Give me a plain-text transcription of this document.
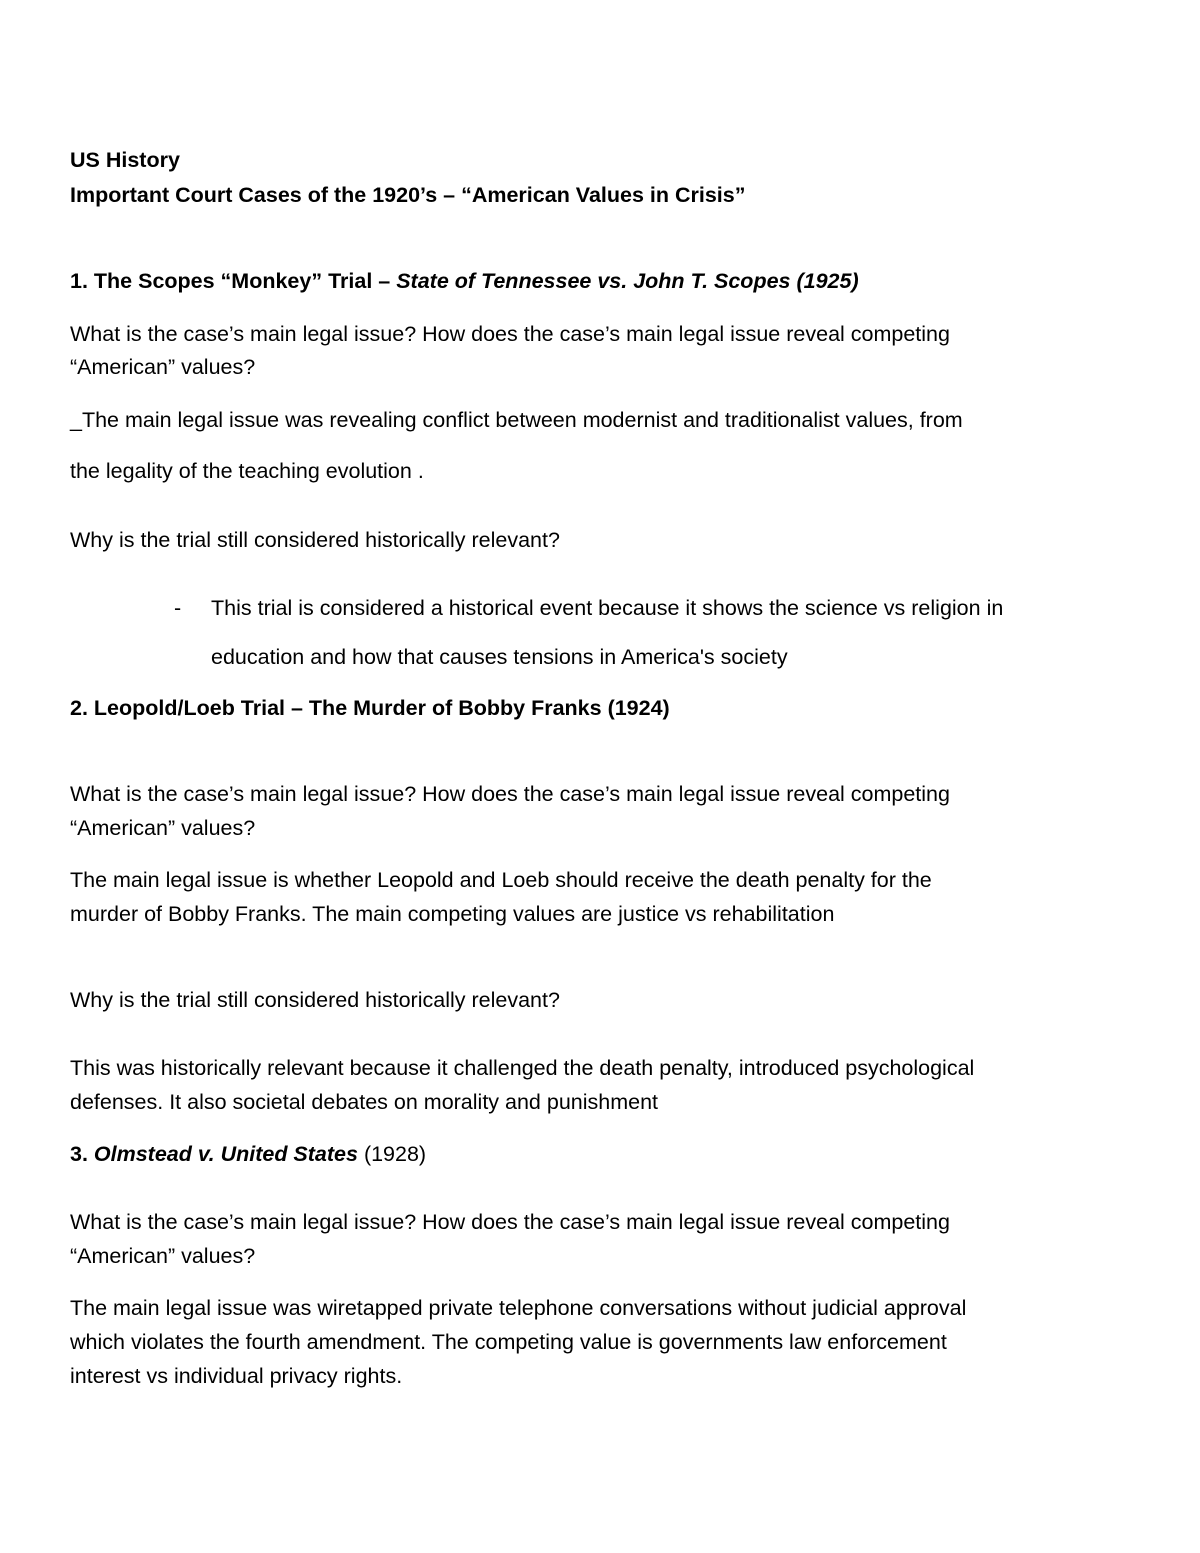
US History
Important Court Cases of the 1920’s – “American Values in Crisis”
1. The Scopes “Monkey” Trial – State of Tennessee vs. John T. Scopes (1925)
What is the case’s main legal issue? How does the case’s main legal issue reveal competing
“American” values?
_The main legal issue was revealing conflict between modernist and traditionalist values, from
the legality of the teaching evolution .
Why is the trial still considered historically relevant?
- This trial is considered a historical event because it shows the science vs religion in
education and how that causes tensions in America's society
2. Leopold/Loeb Trial – The Murder of Bobby Franks (1924)
What is the case’s main legal issue? How does the case’s main legal issue reveal competing
“American” values?
The main legal issue is whether Leopold and Loeb should receive the death penalty for the
murder of Bobby Franks. The main competing values are justice vs rehabilitation
Why is the trial still considered historically relevant?
This was historically relevant because it challenged the death penalty, introduced psychological
defenses. It also societal debates on morality and punishment
3. Olmstead v. United States (1928)
What is the case’s main legal issue? How does the case’s main legal issue reveal competing
“American” values?
The main legal issue was wiretapped private telephone conversations without judicial approval
which violates the fourth amendment. The competing value is governments law enforcement
interest vs individual privacy rights.
